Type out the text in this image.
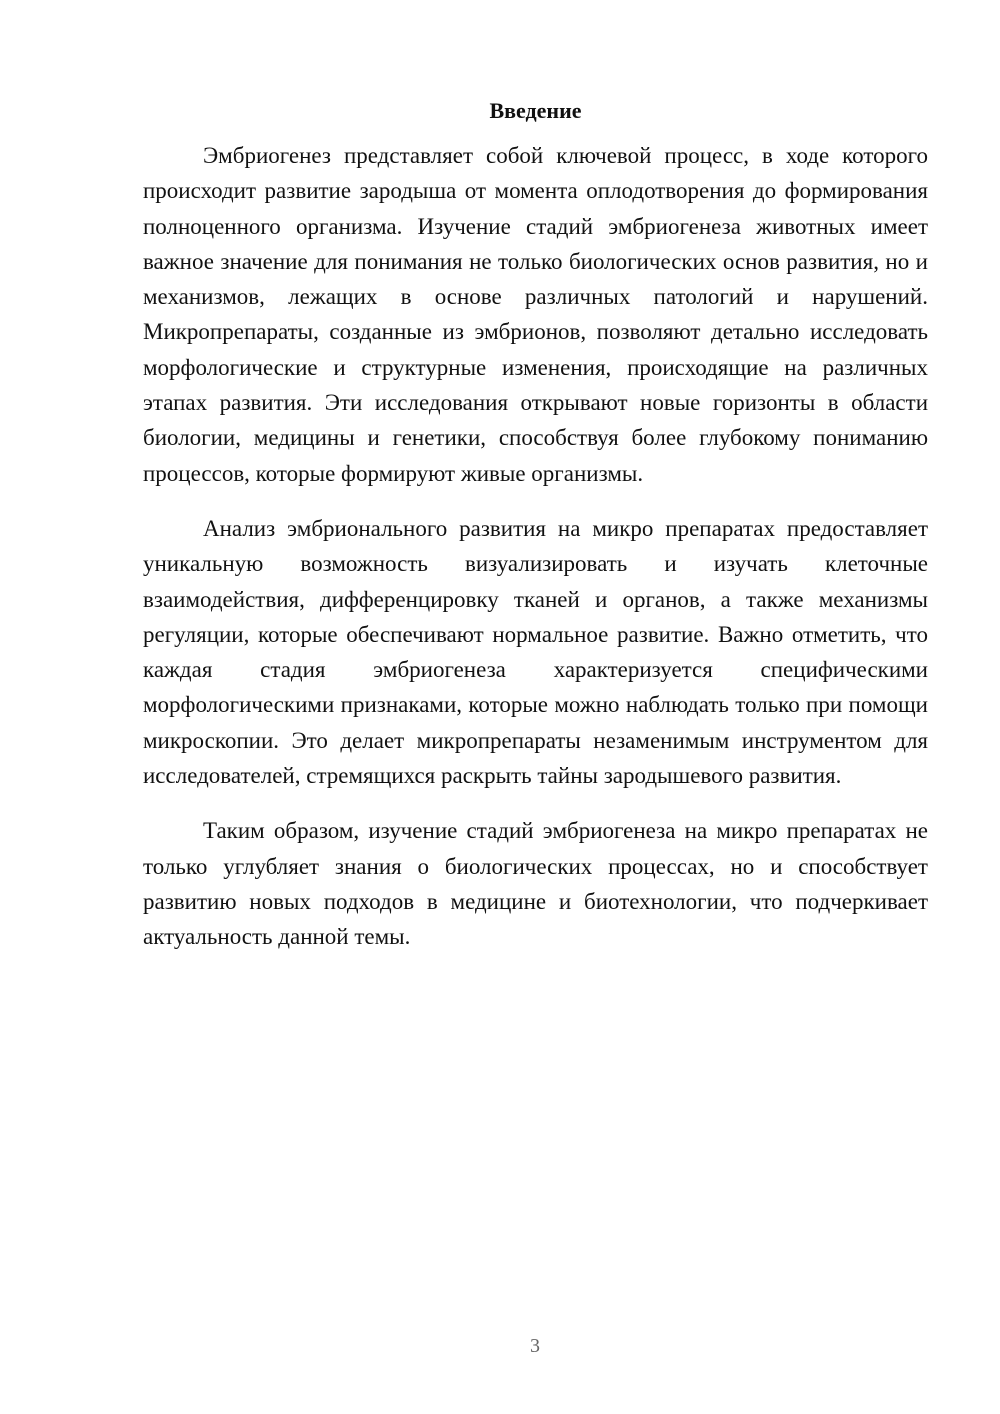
Введение

Эмбриогенез представляет собой ключевой процесс, в ходе которого происходит развитие зародыша от момента оплодотворения до формирования полноценного организма. Изучение стадий эмбриогенеза животных имеет важное значение для понимания не только биологических основ развития, но и механизмов, лежащих в основе различных патологий и нарушений. Микропрепараты, созданные из эмбрионов, позволяют детально исследовать морфологические и структурные изменения, происходящие на различных этапах развития. Эти исследования открывают новые горизонты в области биологии, медицины и генетики, способствуя более глубокому пониманию процессов, которые формируют живые организмы.

Анализ эмбрионального развития на микро препаратах предоставляет уникальную возможность визуализировать и изучать клеточные взаимодействия, дифференцировку тканей и органов, а также механизмы регуляции, которые обеспечивают нормальное развитие. Важно отметить, что каждая стадия эмбриогенеза характеризуется специфическими морфологическими признаками, которые можно наблюдать только при помощи микроскопии. Это делает микропрепараты незаменимым инструментом для исследователей, стремящихся раскрыть тайны зародышевого развития.

Таким образом, изучение стадий эмбриогенеза на микро препаратах не только углубляет знания о биологических процессах, но и способствует развитию новых подходов в медицине и биотехнологии, что подчеркивает актуальность данной темы.

3
